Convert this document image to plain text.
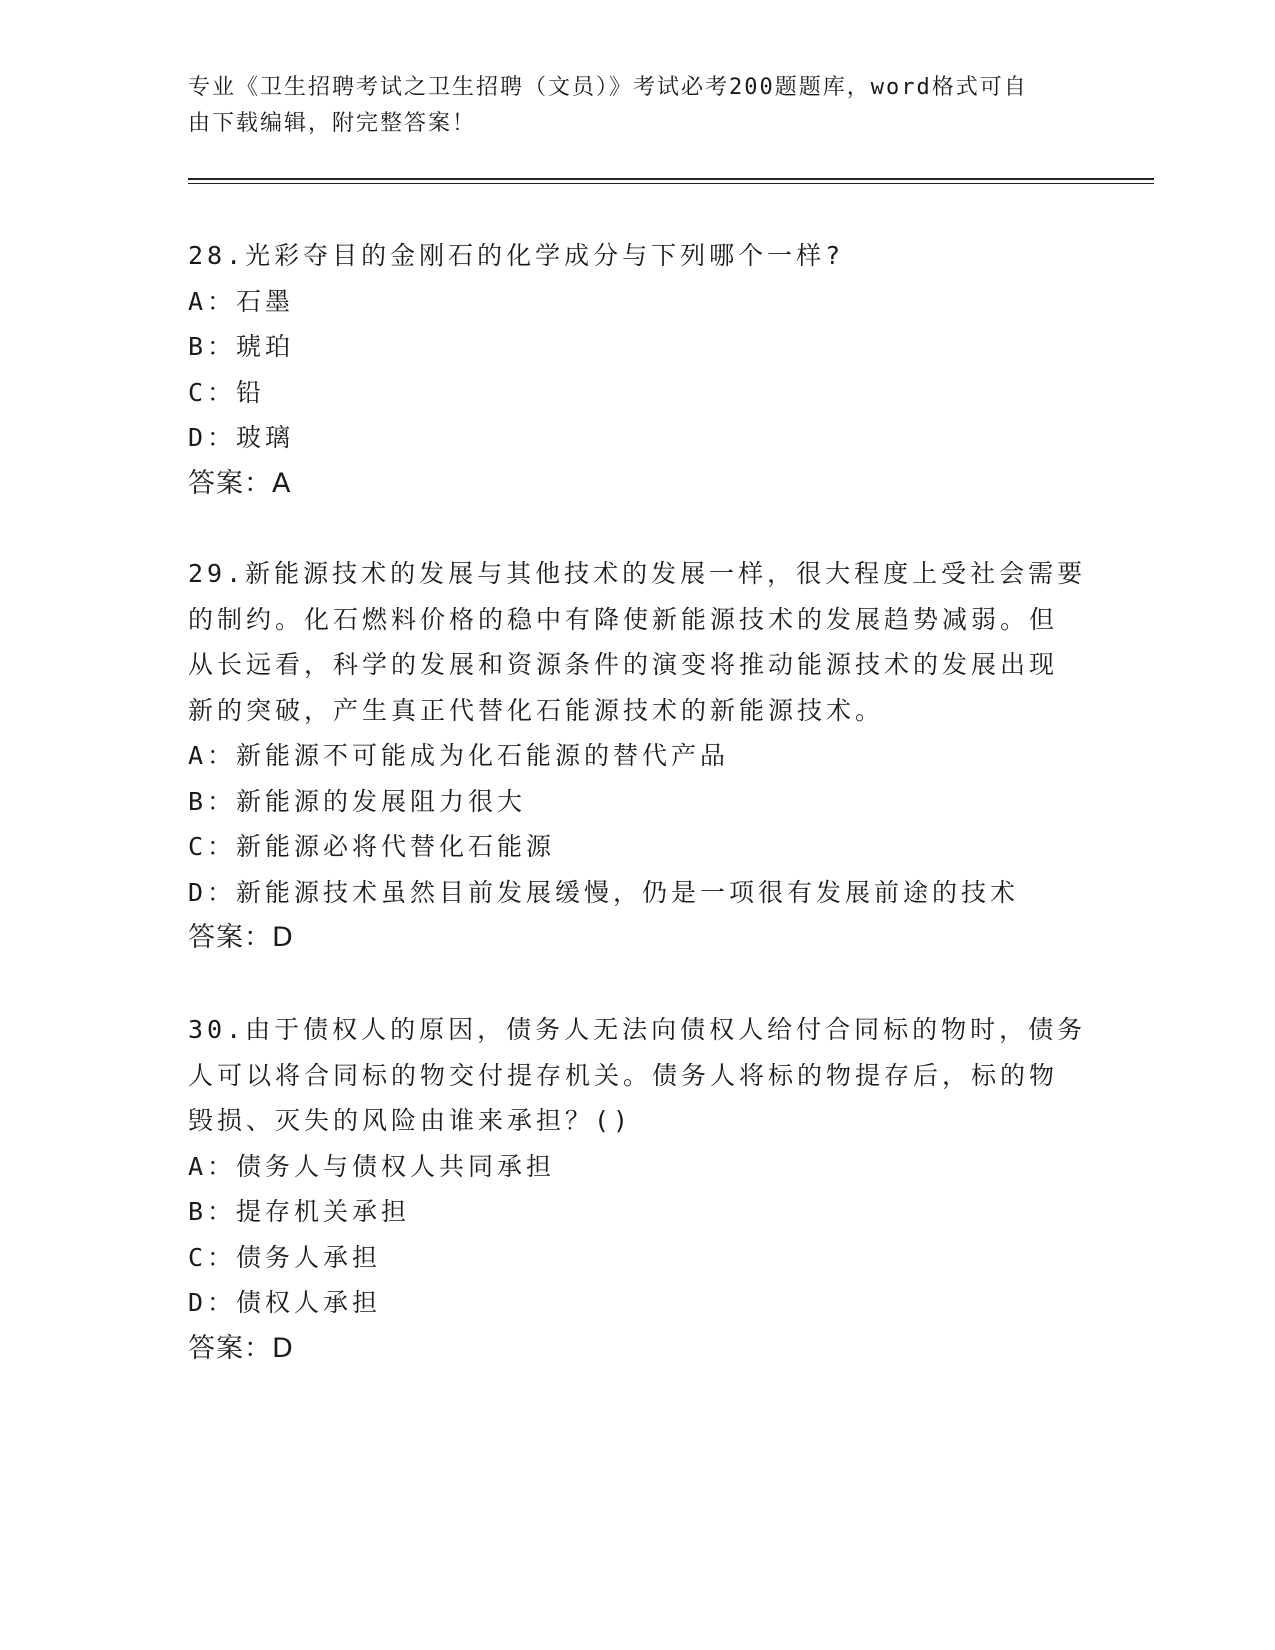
专业《卫生招聘考试之卫生招聘（文员）》考试必考200题题库，word格式可自
由下载编辑，附完整答案！
28.光彩夺目的金刚石的化学成分与下列哪个一样?
A：石墨
B：琥珀
C：铅
D：玻璃
答案：A
29.新能源技术的发展与其他技术的发展一样，很大程度上受社会需要
的制约。化石燃料价格的稳中有降使新能源技术的发展趋势减弱。但
从长远看，科学的发展和资源条件的演变将推动能源技术的发展出现
新的突破，产生真正代替化石能源技术的新能源技术。
A：新能源不可能成为化石能源的替代产品
B：新能源的发展阻力很大
C：新能源必将代替化石能源
D：新能源技术虽然目前发展缓慢，仍是一项很有发展前途的技术
答案：D
30.由于债权人的原因，债务人无法向债权人给付合同标的物时，债务
人可以将合同标的物交付提存机关。债务人将标的物提存后，标的物
毁损、灭失的风险由谁来承担？()
A：债务人与债权人共同承担
B：提存机关承担
C：债务人承担
D：债权人承担
答案：D
